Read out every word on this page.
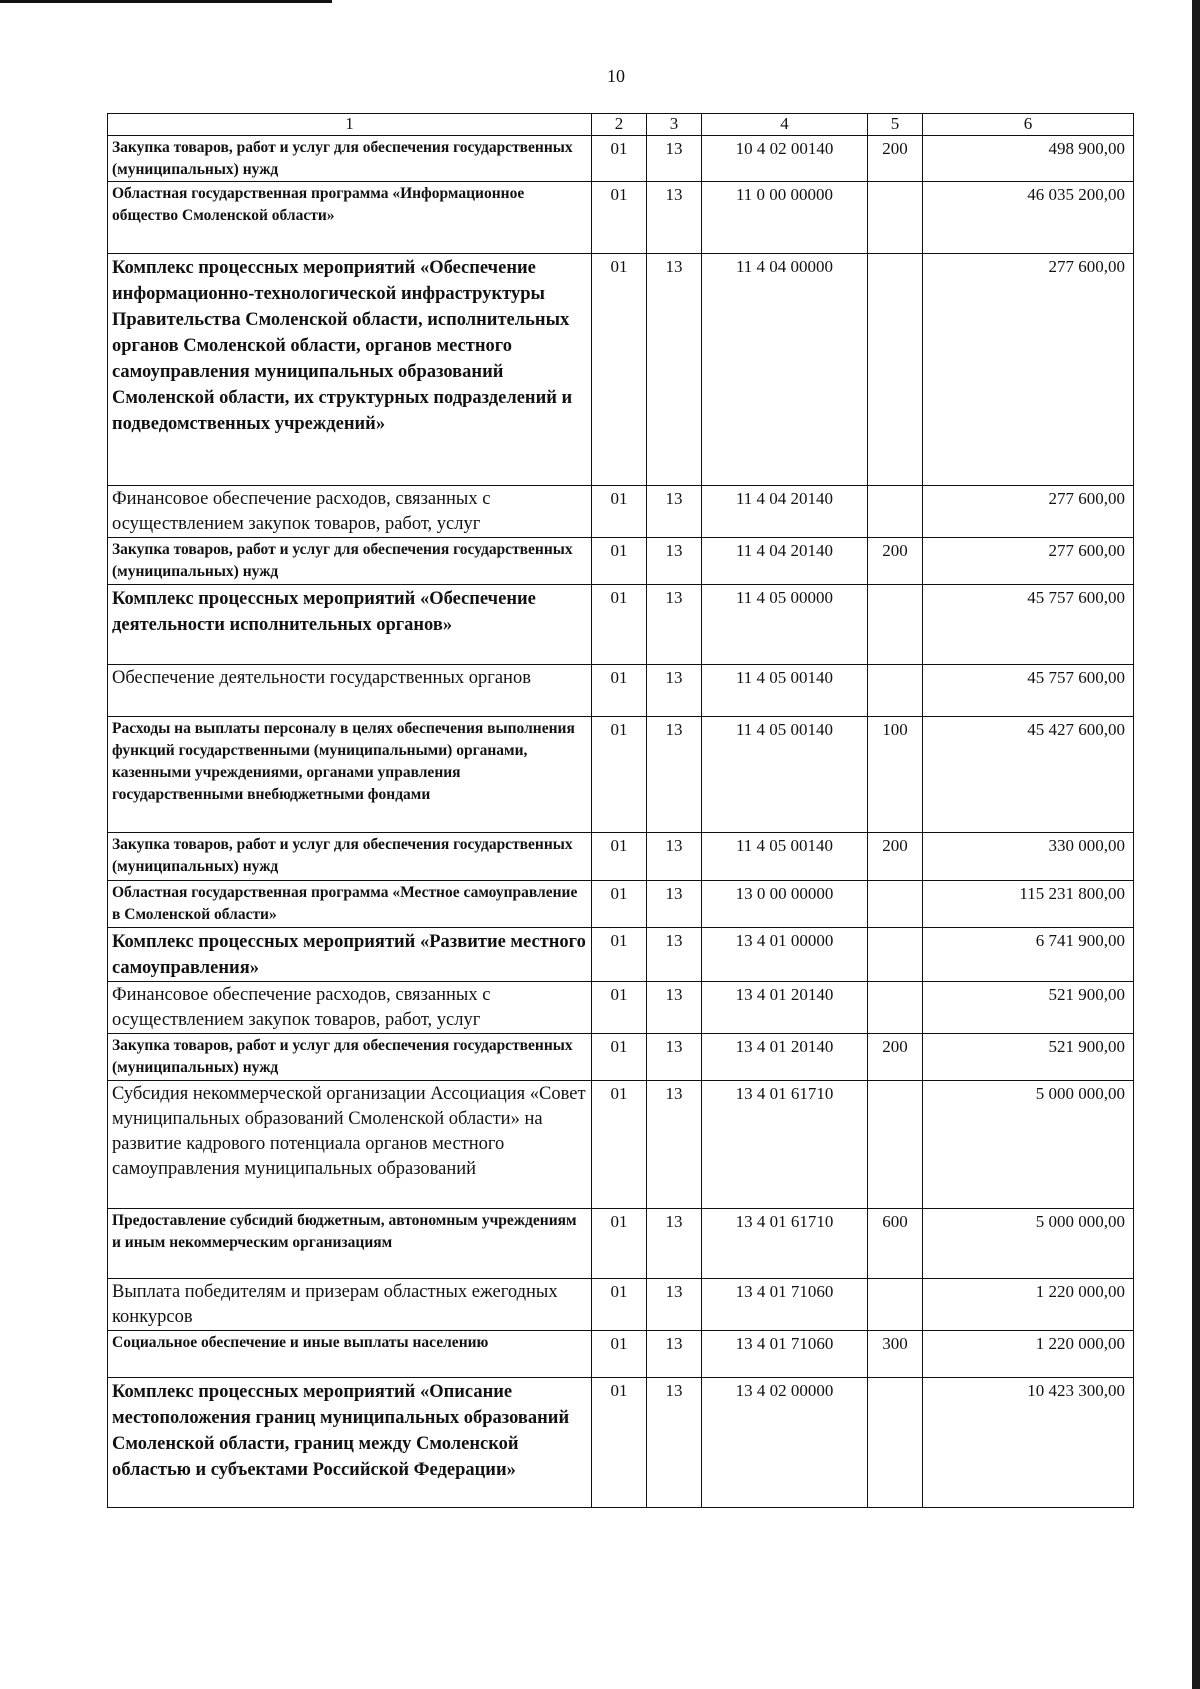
10
1	2	3	4	5	6
Закупка товаров, работ и услуг для обеспечения государственных (муниципальных) нужд	01	13	10 4 02 00140	200	498 900,00
Областная государственная программа «Информационное общество Смоленской области»	01	13	11 0 00 00000		46 035 200,00
Комплекс процессных мероприятий «Обеспечение информационно-технологической инфраструктуры Правительства Смоленской области, исполнительных органов Смоленской области, органов местного самоуправления муниципальных образований Смоленской области, их структурных подразделений и подведомственных учреждений»	01	13	11 4 04 00000		277 600,00
Финансовое обеспечение расходов, связанных с осуществлением закупок товаров, работ, услуг	01	13	11 4 04 20140		277 600,00
Закупка товаров, работ и услуг для обеспечения государственных (муниципальных) нужд	01	13	11 4 04 20140	200	277 600,00
Комплекс процессных мероприятий «Обеспечение деятельности исполнительных органов»	01	13	11 4 05 00000		45 757 600,00
Обеспечение деятельности государственных органов	01	13	11 4 05 00140		45 757 600,00
Расходы на выплаты персоналу в целях обеспечения выполнения функций государственными (муниципальными) органами, казенными учреждениями, органами управления государственными внебюджетными фондами	01	13	11 4 05 00140	100	45 427 600,00
Закупка товаров, работ и услуг для обеспечения государственных (муниципальных) нужд	01	13	11 4 05 00140	200	330 000,00
Областная государственная программа «Местное самоуправление в Смоленской области»	01	13	13 0 00 00000		115 231 800,00
Комплекс процессных мероприятий «Развитие местного самоуправления»	01	13	13 4 01 00000		6 741 900,00
Финансовое обеспечение расходов, связанных с осуществлением закупок товаров, работ, услуг	01	13	13 4 01 20140		521 900,00
Закупка товаров, работ и услуг для обеспечения государственных (муниципальных) нужд	01	13	13 4 01 20140	200	521 900,00
Субсидия некоммерческой организации Ассоциация «Совет муниципальных образований Смоленской области» на развитие кадрового потенциала органов местного самоуправления муниципальных образований	01	13	13 4 01 61710		5 000 000,00
Предоставление субсидий бюджетным, автономным учреждениям и иным некоммерческим организациям	01	13	13 4 01 61710	600	5 000 000,00
Выплата победителям и призерам областных ежегодных конкурсов	01	13	13 4 01 71060		1 220 000,00
Социальное обеспечение и иные выплаты населению	01	13	13 4 01 71060	300	1 220 000,00
Комплекс процессных мероприятий «Описание местоположения границ муниципальных образований Смоленской области, границ между Смоленской областью и субъектами Российской Федерации»	01	13	13 4 02 00000		10 423 300,00
